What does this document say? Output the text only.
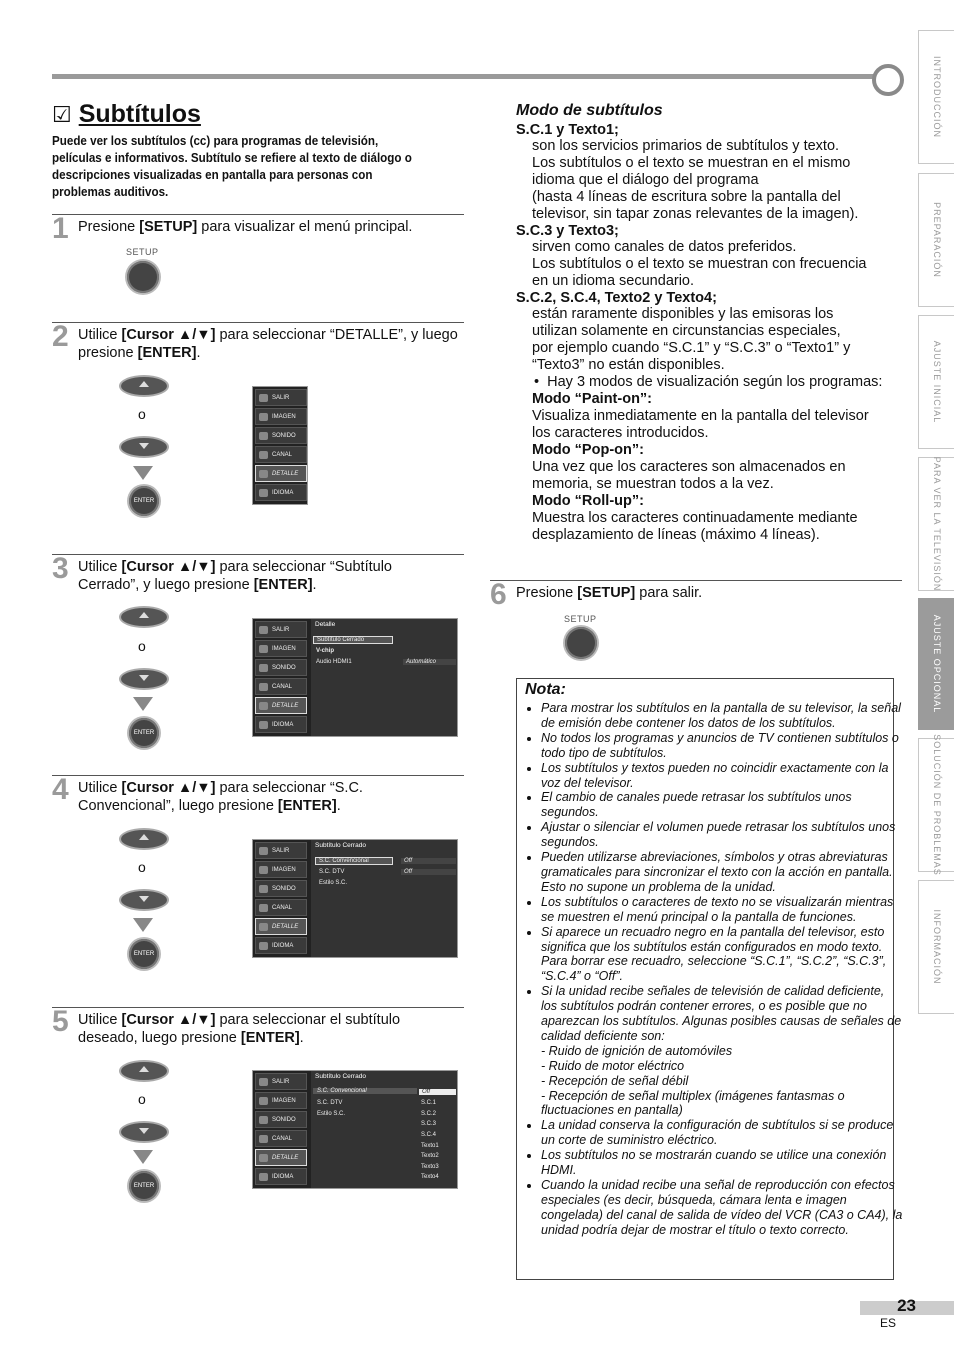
INTRODUCCIÓN
PREPARACIÓN
AJUSTE INICIAL
PARA VER LA TELEVISIÓN
AJUSTE OPCIONAL
SOLUCIÓN DE PROBLEMAS
INFORMACIÓN
☑ Subtítulos
Puede ver los subtítulos (cc) para programas de televisión, películas e informativos. Subtítulo se refiere al texto de diálogo o descripciones visualizadas en pantalla para personas con problemas auditivos.
1 Presione [SETUP] para visualizar el menú principal.
SETUP
2 Utilice [Cursor ▲/▼] para seleccionar “DETALLE”, y luego presione [ENTER].
o
ENTER
SALIR
IMAGEN
SONIDO
CANAL
DETALLE
IDIOMA
3 Utilice [Cursor ▲/▼] para seleccionar “Subtítulo Cerrado”, y luego presione [ENTER].
o
ENTER
SALIR
IMAGEN
SONIDO
CANAL
DETALLE
IDIOMA
Detalle
Subtítulo Cerrado
V-chip
Audio HDMI1	Automático
4 Utilice [Cursor ▲/▼] para seleccionar “S.C. Convencional”, luego presione [ENTER].
o
ENTER
SALIR
IMAGEN
SONIDO
CANAL
DETALLE
IDIOMA
Subtítulo Cerrado
S.C. Convencional
S.C. DTV
Estilo S.C.
Off
Off
5 Utilice [Cursor ▲/▼] para seleccionar el subtítulo deseado, luego presione [ENTER].
o
ENTER
SALIR
IMAGEN
SONIDO
CANAL
DETALLE
IDIOMA
Subtítulo Cerrado
S.C. Convencional
S.C. DTV
Estilo S.C.
Off
S.C.1
S.C.2
S.C.3
S.C.4
Texto1
Texto2
Texto3
Texto4
Modo de subtítulos
S.C.1 y Texto1;
son los servicios primarios de subtítulos y texto.
Los subtítulos o el texto se muestran en el mismo
idioma que el diálogo del programa
(hasta 4 líneas de escritura sobre la pantalla del
televisor, sin tapar zonas relevantes de la imagen).
S.C.3 y Texto3;
sirven como canales de datos preferidos.
Los subtítulos o el texto se muestran con frecuencia
en un idioma secundario.
S.C.2, S.C.4, Texto2 y Texto4;
están raramente disponibles y las emisoras los
utilizan solamente en circunstancias especiales,
por ejemplo cuando “S.C.1” y “S.C.3” o “Texto1” y
“Texto3” no están disponibles.
•  Hay 3 modos de visualización según los programas:
Modo “Paint-on”:
Visualiza inmediatamente en la pantalla del televisor
los caracteres introducidos.
Modo “Pop-on”:
Una vez que los caracteres son almacenados en
memoria, se muestran todos a la vez.
Modo “Roll-up”:
Muestra los caracteres continuadamente mediante
desplazamiento de líneas (máximo 4 líneas).
6 Presione [SETUP] para salir.
SETUP
Nota:
• Para mostrar los subtítulos en la pantalla de su televisor, la señal de emisión debe contener los datos de los subtítulos.
• No todos los programas y anuncios de TV contienen subtítulos o todo tipo de subtítulos.
• Los subtítulos y textos pueden no coincidir exactamente con la voz del televisor.
• El cambio de canales puede retrasar los subtítulos unos segundos.
• Ajustar o silenciar el volumen puede retrasar los subtítulos unos segundos.
• Pueden utilizarse abreviaciones, símbolos y otras abreviaturas gramaticales para sincronizar el texto con la acción en pantalla. Esto no supone un problema de la unidad.
• Los subtítulos o caracteres de texto no se visualizarán mientras se muestren el menú principal o la pantalla de funciones.
• Si aparece un recuadro negro en la pantalla del televisor, esto significa que los subtítulos están configurados en modo texto. Para borrar ese recuadro, seleccione “S.C.1”, “S.C.2”, “S.C.3”, “S.C.4” o “Off”.
• Si la unidad recibe señales de televisión de calidad deficiente, los subtítulos podrán contener errores, o es posible que no aparezcan los subtítulos. Algunas posibles causas de señales de calidad deficiente son:
- Ruido de ignición de automóviles
- Ruido de motor eléctrico
- Recepción de señal débil
- Recepción de señal multiplex (imágenes fantasmas o fluctuaciones en pantalla)
• La unidad conserva la configuración de subtítulos si se produce un corte de suministro eléctrico.
• Los subtítulos no se mostrarán cuando se utilice una conexión HDMI.
• Cuando la unidad recibe una señal de reproducción con efectos especiales (es decir, búsqueda, cámara lenta e imagen congelada) del canal de salida de vídeo del VCR (CA3 o CA4), la unidad podría dejar de mostrar el título o texto correcto.
23
ES
